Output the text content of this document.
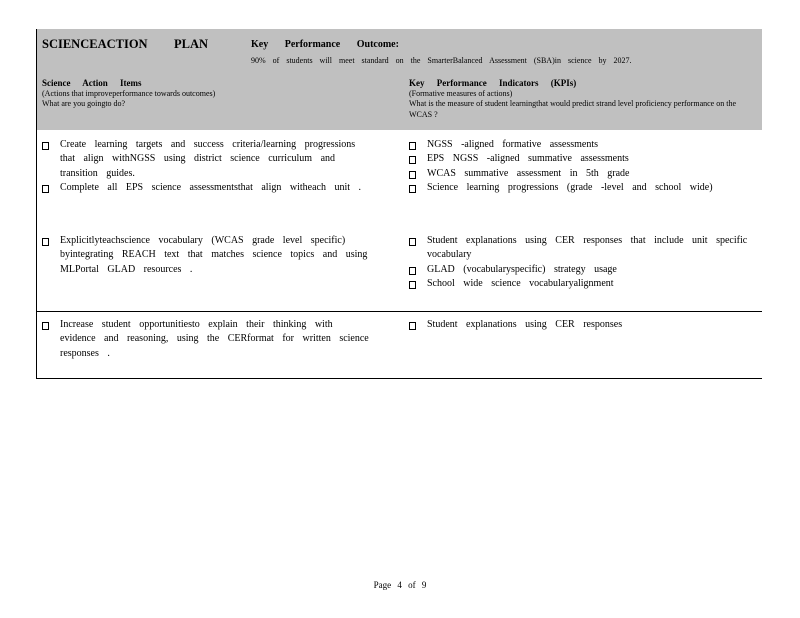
SCIENCEACTION PLAN	Key Performance Outcome:
90% of students will meet standard on the SmarterBalanced Assessment (SBA)in science by 2027.
Science Action Items
(Actions that improveperformance towards outcomes)
What are you goingto do?
Key Performance Indicators (KPIs)
(Formative measures of actions)
What is the measure of student learningthat would predict strand level proficiency performance on the WCAS ?
Create learning targets and success criteria/learning progressions that align withNGSS using district science curriculum and transition guides.
Complete all EPS science assessmentsthat align witheach unit .
NGSS -aligned formative assessments
EPS NGSS -aligned summative assessments
WCAS summative assessment in 5th grade
Science learning progressions (grade -level and school wide)
Explicitlyteachscience vocabulary (WCAS grade level specific) byintegrating REACH text that matches science topics and using MLPortal GLAD resources .
Student explanations using CER responses that include unit specific vocabulary
GLAD (vocabularyspecific) strategy usage
School wide science vocabularyalignment
Increase student opportunitiesto explain their thinking with evidence and reasoning, using the CERformat for written science responses .
Student explanations using CER responses
Page 4 of 9
